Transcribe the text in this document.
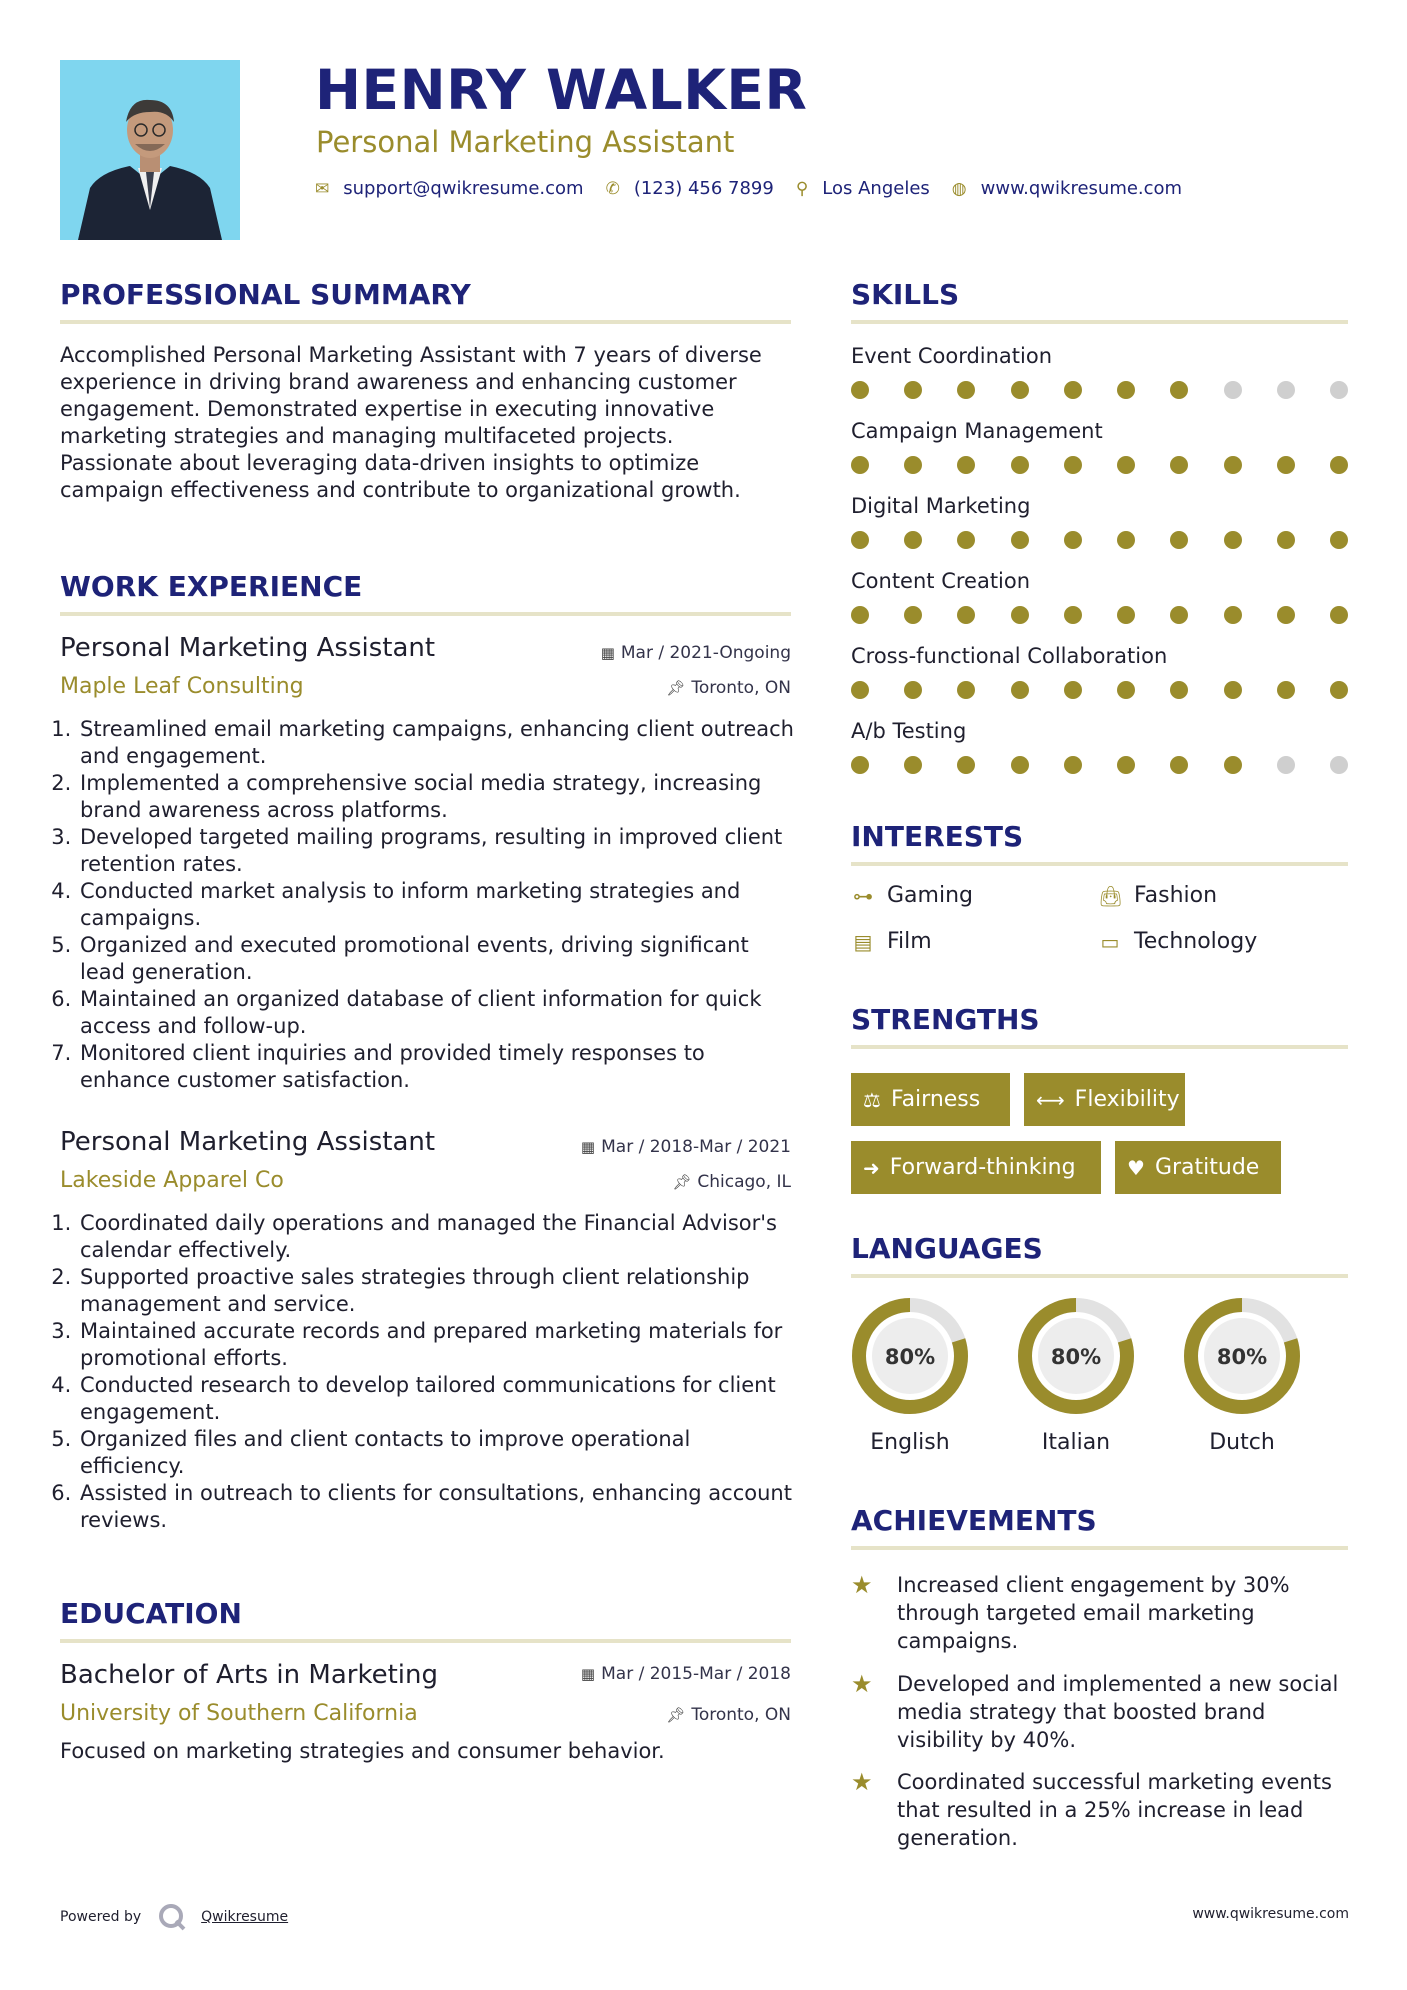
HENRY WALKER
Personal Marketing Assistant
✉ support@qwikresume.com ✆ (123) 456 7899 ⚲ Los Angeles ◍ www.qwikresume.com
PROFESSIONAL SUMMARY
Accomplished Personal Marketing Assistant with 7 years of diverse experience in driving brand awareness and enhancing customer engagement. Demonstrated expertise in executing innovative marketing strategies and managing multifaceted projects. Passionate about leveraging data-driven insights to optimize campaign effectiveness and contribute to organizational growth.
WORK EXPERIENCE
Personal Marketing Assistant	▦ Mar / 2021-Ongoing
Maple Leaf Consulting	📌︎ Toronto, ON
1. Streamlined email marketing campaigns, enhancing client outreach and engagement.
2. Implemented a comprehensive social media strategy, increasing brand awareness across platforms.
3. Developed targeted mailing programs, resulting in improved client retention rates.
4. Conducted market analysis to inform marketing strategies and campaigns.
5. Organized and executed promotional events, driving significant lead generation.
6. Maintained an organized database of client information for quick access and follow-up.
7. Monitored client inquiries and provided timely responses to enhance customer satisfaction.
Personal Marketing Assistant	▦ Mar / 2018-Mar / 2021
Lakeside Apparel Co	📌︎ Chicago, IL
1. Coordinated daily operations and managed the Financial Advisor's calendar effectively.
2. Supported proactive sales strategies through client relationship management and service.
3. Maintained accurate records and prepared marketing materials for promotional efforts.
4. Conducted research to develop tailored communications for client engagement.
5. Organized files and client contacts to improve operational efficiency.
6. Assisted in outreach to clients for consultations, enhancing account reviews.
EDUCATION
Bachelor of Arts in Marketing	▦ Mar / 2015-Mar / 2018
University of Southern California	📌︎ Toronto, ON
Focused on marketing strategies and consumer behavior.
SKILLS
Event Coordination
Campaign Management
Digital Marketing
Content Creation
Cross-functional Collaboration
A/b Testing
INTERESTS
⊶ Gaming	👜︎ Fashion
▤ Film	▭ Technology
STRENGTHS
⚖ Fairness	⟷ Flexibility
➜ Forward-thinking	♥ Gratitude
LANGUAGES
80%
English
80%
Italian
80%
Dutch
ACHIEVEMENTS
★	Increased client engagement by 30% through targeted email marketing campaigns.
★	Developed and implemented a new social media strategy that boosted brand visibility by 40%.
★	Coordinated successful marketing events that resulted in a 25% increase in lead generation.
Powered by	Qwikresume	www.qwikresume.com
